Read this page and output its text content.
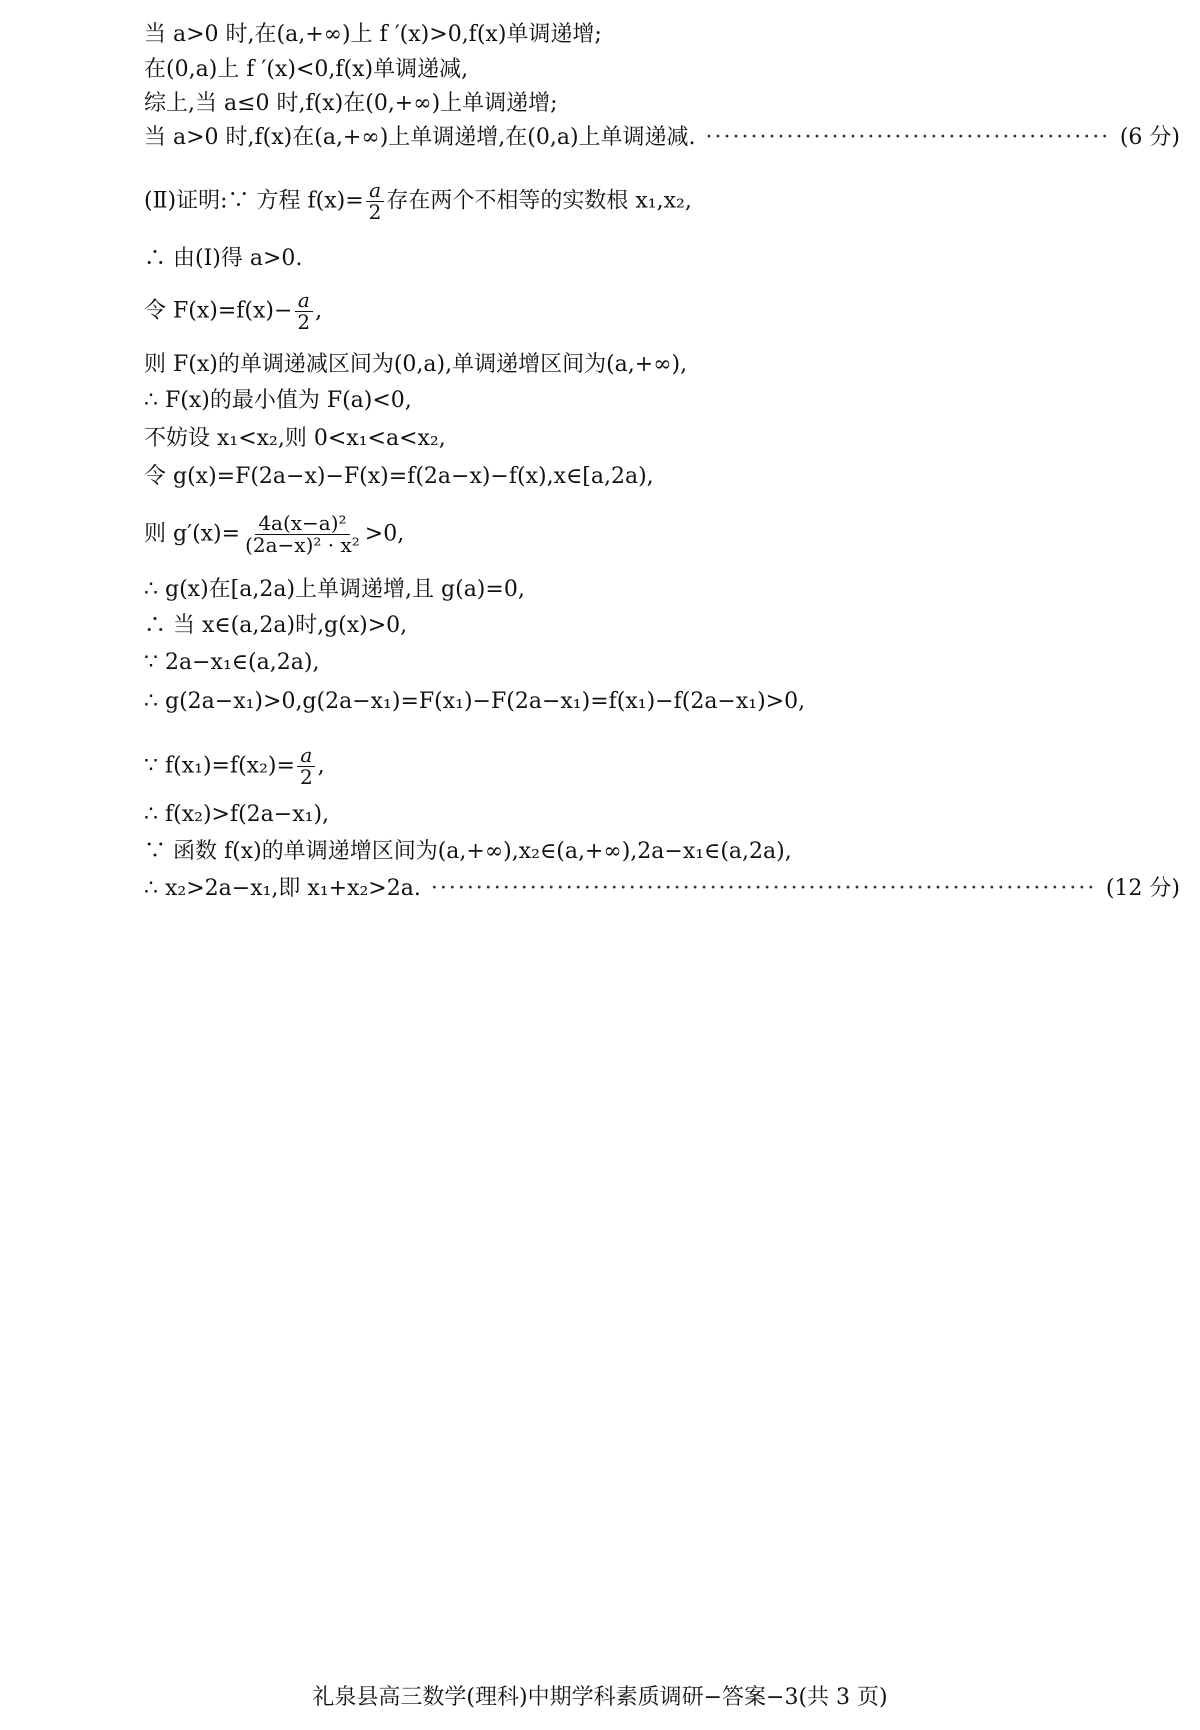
当 a>0 时,在(a,+∞)上 f ′(x)>0,f(x)单调递增;
在(0,a)上 f ′(x)<0,f(x)单调递减,
综上,当 a≤0 时,f(x)在(0,+∞)上单调递增;
当 a>0 时,f(x)在(a,+∞)上单调递增,在(0,a)上单调递减. ·····	(6 分)
(Ⅱ)证明:∵ 方程 $f(x)= \frac{a}{2}$ 存在两个不相等的实数根 x₁,x₂,
∴ 由(Ⅰ)得 a>0.
令 $F(x)=f(x)- \frac{a}{2}$ ,
则 F(x)的单调递减区间为(0,a),单调递增区间为(a,+∞),
∴ F(x)的最小值为 F(a)<0,
不妨设 x₁<x₂,则 0<x₁<a<x₂,
令 g(x)=F(2a−x)−F(x)=f(2a−x)−f(x),x∈[a,2a),
则 $g'(x)= \frac{\text{4a(x−a)²}}{\text{(2a−x)² · x²}} >0$,
∴ g(x)在[a,2a)上单调递增,且 g(a)=0,
∴ 当 x∈(a,2a)时,g(x)>0,
∵ 2a−x₁∈(a,2a),
∴ g(2a−x₁)>0,g(2a−x₁)=F(x₁)−F(2a−x₁)=f(x₁)−f(2a−x₁)>0,
∵ $f(x_1)=f(x_2)= \frac{a}{2}$ ,
∴ f(x₂)>f(2a−x₁),
∵ 函数 f(x)的单调递增区间为(a,+∞),x₂∈(a,+∞),2a−x₁∈(a,2a),
∴ x₂>2a−x₁,即 x₁+x₂>2a. ·····	(12 分)
礼泉县高三数学(理科)中期学科素质调研−答案−3(共 3 页)
